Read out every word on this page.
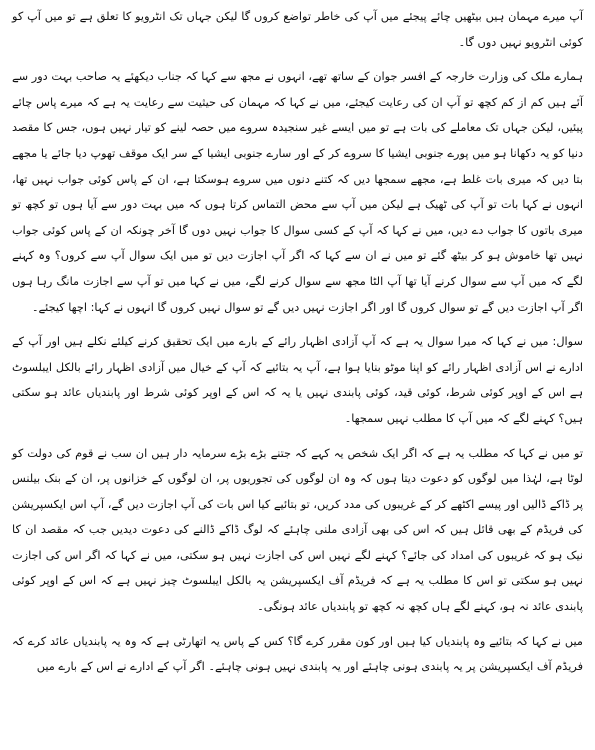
آپ میرے مہمان ہیں بیٹھیں چائے پیجئے میں آپ کی خاطر تواضع کروں گا لیکن جہاں تک انٹرویو کا تعلق ہے تو میں آپ کو کوئی انٹرویو نہیں دوں گا۔

ہمارے ملک کی وزارت خارجہ کے افسر جوان کے ساتھ تھے، انہوں نے مجھ سے کہا کہ جناب دیکھئے یہ صاحب بہت دور سے آئے ہیں کم از کم کچھ تو آپ ان کی رعایت کیجئے، میں نے کہا کہ مہمان کی حیثیت سے رعایت یہ ہے کہ میرے پاس چائے پیئیں، لیکن جہاں تک معاملے کی بات ہے تو میں ایسے غیر سنجیدہ سروے میں حصہ لینے کو تیار نہیں ہوں، جس کا مقصد دنیا کو یہ دکھانا ہو میں پورے جنوبی ایشیا کا سروے کر کے اور سارے جنوبی ایشیا کے سر ایک موقف تھوپ دیا جائے یا مجھے بتا دیں کہ میری بات غلط ہے، مجھے سمجھا دیں کہ کتنے دنوں میں سروے ہوسکتا ہے، ان کے پاس کوئی جواب نہیں تھا، انہوں نے کہا بات تو آپ کی ٹھیک ہے لیکن میں آپ سے محض التماس کرتا ہوں کہ میں بہت دور سے آیا ہوں تو کچھ تو میری باتوں کا جواب دے دیں، میں نے کہا کہ آپ کے کسی سوال کا جواب نہیں دوں گا آخر چونکہ ان کے پاس کوئی جواب نہیں تھا خاموش ہو کر بیٹھ گئے تو میں نے ان سے کہا کہ اگر آپ اجازت دیں تو میں ایک سوال آپ سے کروں؟ وہ کہنے لگے کہ میں آپ سے سوال کرنے آیا تھا آپ الٹا مجھ سے سوال کرنے لگے، میں نے کہا میں تو آپ سے اجازت مانگ رہا ہوں اگر آپ اجازت دیں گے تو سوال کروں گا اور اگر اجازت نہیں دیں گے تو سوال نہیں کروں گا انہوں نے کہا: اچھا کیجئے۔

سوال: میں نے کہا کہ میرا سوال یہ ہے کہ آپ آزادی اظہار رائے کے بارے میں ایک تحقیق کرنے کیلئے نکلے ہیں اور آپ کے ادارے نے اس آزادی اظہار رائے کو اپنا موٹو بنایا ہوا ہے، آپ یہ بتائیے کہ آپ کے خیال میں آزادی اظہار رائے بالکل ایبلسوٹ ہے اس کے اوپر کوئی شرط، کوئی قید، کوئی پابندی نہیں یا یہ کہ اس کے اوپر کوئی شرط اور پابندیاں عائد ہو سکتی ہیں؟ کہنے لگے کہ میں آپ کا مطلب نہیں سمجھا۔

تو میں نے کہا کہ مطلب یہ ہے کہ اگر ایک شخص یہ کہے کہ جتنے بڑے بڑے سرمایہ دار ہیں ان سب نے قوم کی دولت کو لوٹا ہے، لہٰذا میں لوگوں کو دعوت دیتا ہوں کہ وہ ان لوگوں کی تجوریوں پر، ان لوگوں کے خزانوں پر، ان کے بنک بیلنس پر ڈاکے ڈالیں اور پیسے اکٹھے کر کے غریبوں کی مدد کریں، تو بتائیے کیا اس بات کی آپ اجازت دیں گے، آپ اس ایکسپریشن کی فریڈم کے بھی قائل ہیں کہ اس کی بھی آزادی ملنی چاہئے کہ لوگ ڈاکے ڈالنے کی دعوت دیدیں جب کہ مقصد ان کا نیک ہو کہ غریبوں کی امداد کی جائے؟ کہنے لگے نہیں اس کی اجازت نہیں ہو سکتی، میں نے کہا کہ اگر اس کی اجازت نہیں ہو سکتی تو اس کا مطلب یہ ہے کہ فریڈم آف ایکسپریشن یہ بالکل ایبلسوٹ چیز نہیں ہے کہ اس کے اوپر کوئی پابندی عائد نہ ہو، کہنے لگے ہاں کچھ نہ کچھ تو پابندیاں عائد ہونگی۔

میں نے کہا کہ بتائیے وہ پابندیاں کیا ہیں اور کون مقرر کرے گا؟ کس کے پاس یہ اتھارٹی ہے کہ وہ یہ پابندیاں عائد کرے کہ فریڈم آف ایکسپریشن پر یہ پابندی ہونی چاہئے اور یہ پابندی نہیں ہونی چاہئے۔ اگر آپ کے ادارے نے اس کے بارے میں
